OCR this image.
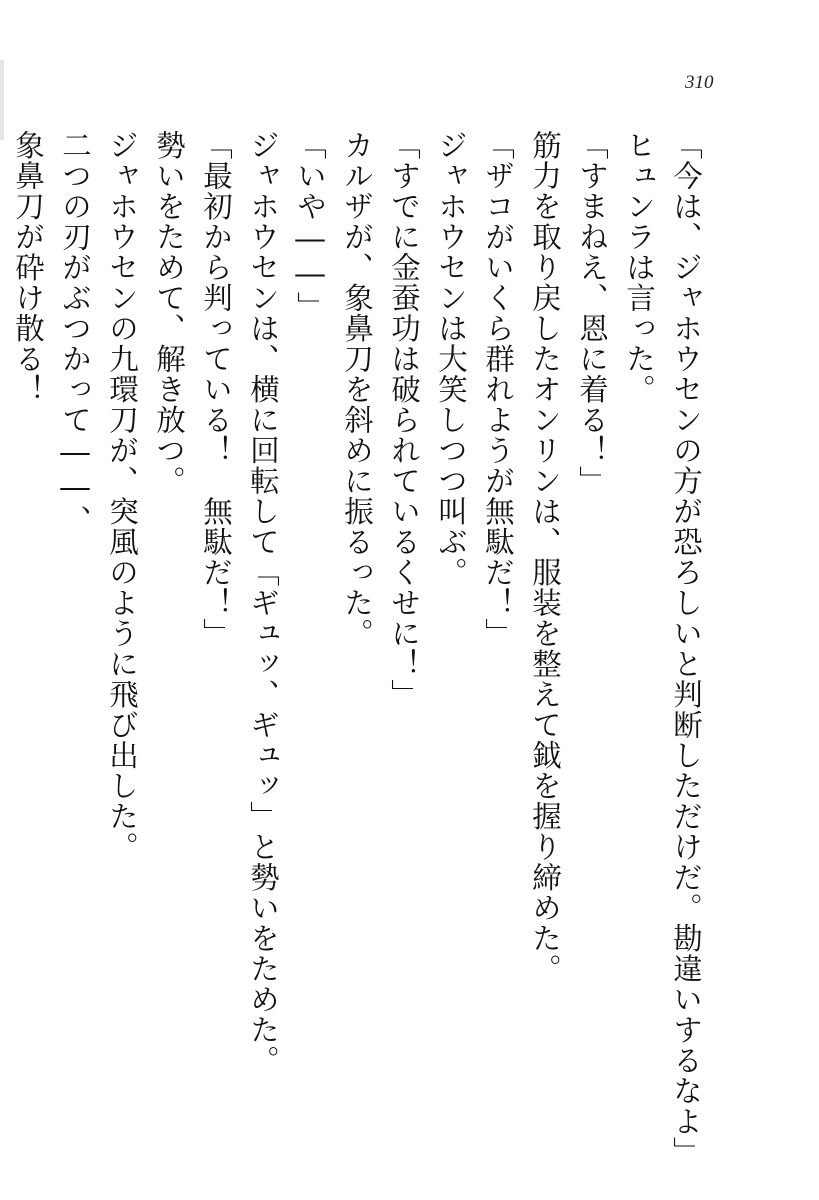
310
「今は、ジャホウセンの方が恐ろしいと判断しただけだ。勘違いするなよ」
ヒュンラは言った。
「すまねえ、恩に着る！」
筋力を取り戻したオンリンは、服装を整えて鉞を握り締めた。
「ザコがいくら群れようが無駄だ！」
ジャホウセンは大笑しつつ叫ぶ。
「すでに金蚕功は破られているくせに！」
カルザが、象鼻刀を斜めに振るった。
「いや――」
ジャホウセンは、横に回転して「ギュッ、ギュッ」と勢いをためた。
「最初から判っている！　無駄だ！」
勢いをためて、解き放つ。
ジャホウセンの九環刀が、突風のように飛び出した。
二つの刃がぶつかって――、
象鼻刀が砕け散る！
